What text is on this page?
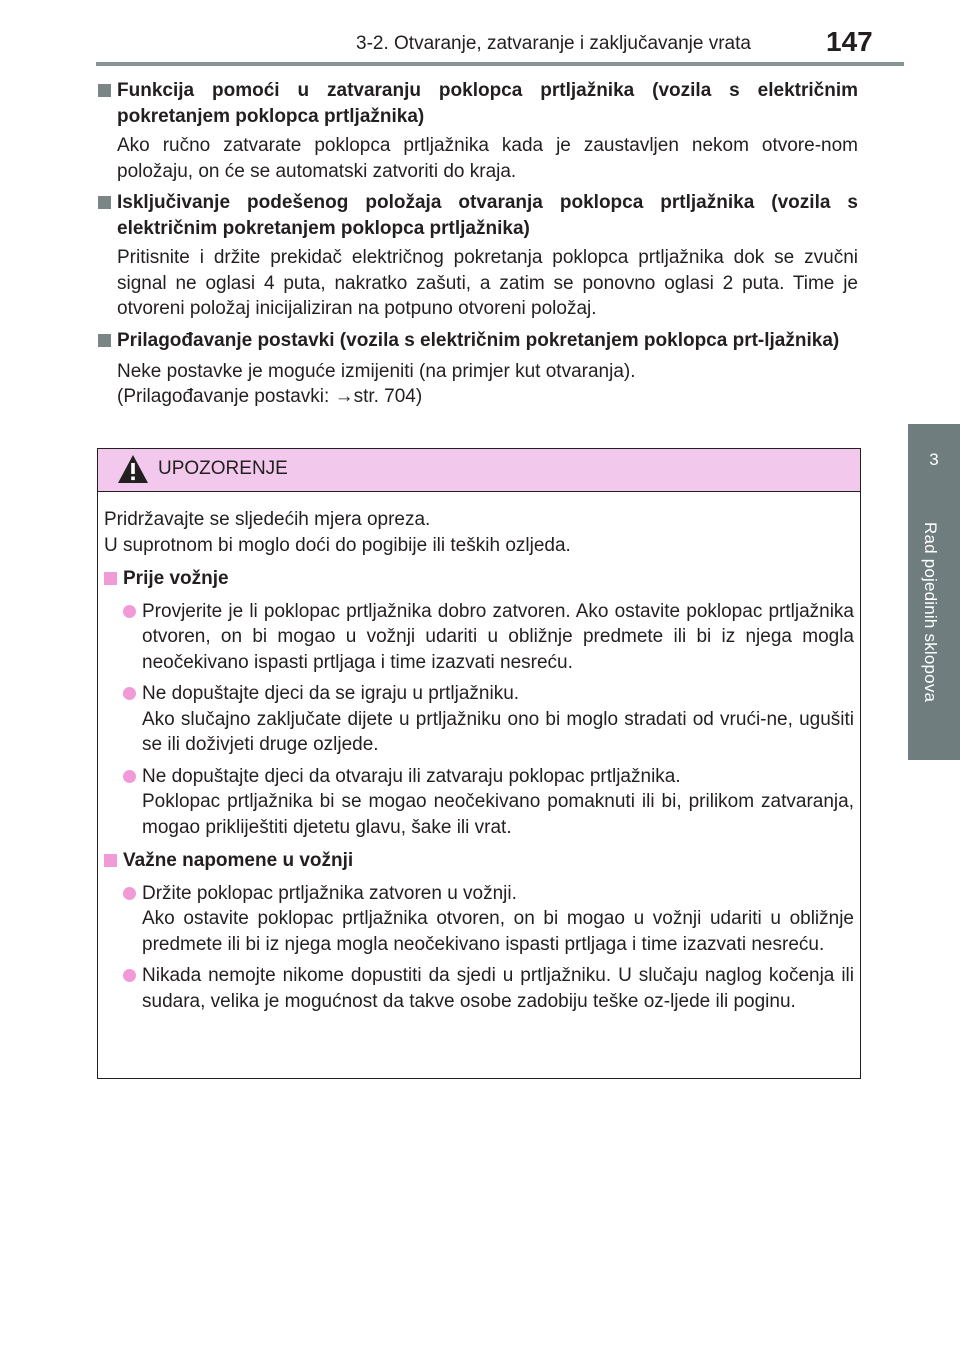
3-2. Otvaranje, zatvaranje i zaključavanje vrata	147
3
Rad pojedinih sklopova
Funkcija pomoći u zatvaranju poklopca prtljažnika (vozila s električnim pokretanjem poklopca prtljažnika)
Ako ručno zatvarate poklopca prtljažnika kada je zaustavljen nekom otvore-nom položaju, on će se automatski zatvoriti do kraja.
Isključivanje podešenog položaja otvaranja poklopca prtljažnika (vozila s električnim pokretanjem poklopca prtljažnika)
Pritisnite i držite prekidač električnog pokretanja poklopca prtljažnika dok se zvučni signal ne oglasi 4 puta, nakratko zašuti, a zatim se ponovno oglasi 2 puta. Time je otvoreni položaj inicijaliziran na potpuno otvoreni položaj.
Prilagođavanje postavki (vozila s električnim pokretanjem poklopca prt-ljažnika)
Neke postavke je moguće izmijeniti (na primjer kut otvaranja).
(Prilagođavanje postavki: →str. 704)
UPOZORENJE
Pridržavajte se sljedećih mjera opreza.
U suprotnom bi moglo doći do pogibije ili teških ozljeda.
Prije vožnje
Provjerite je li poklopac prtljažnika dobro zatvoren. Ako ostavite poklopac prtljažnika otvoren, on bi mogao u vožnji udariti u obližnje predmete ili bi iz njega mogla neočekivano ispasti prtljaga i time izazvati nesreću.
Ne dopuštajte djeci da se igraju u prtljažniku.
Ako slučajno zaključate dijete u prtljažniku ono bi moglo stradati od vrući-ne, ugušiti se ili doživjeti druge ozljede.
Ne dopuštajte djeci da otvaraju ili zatvaraju poklopac prtljažnika.
Poklopac prtljažnika bi se mogao neočekivano pomaknuti ili bi, prilikom zatvaranja, mogao prikliještiti djetetu glavu, šake ili vrat.
Važne napomene u vožnji
Držite poklopac prtljažnika zatvoren u vožnji.
Ako ostavite poklopac prtljažnika otvoren, on bi mogao u vožnji udariti u obližnje predmete ili bi iz njega mogla neočekivano ispasti prtljaga i time izazvati nesreću.
Nikada nemojte nikome dopustiti da sjedi u prtljažniku. U slučaju naglog kočenja ili sudara, velika je mogućnost da takve osobe zadobiju teške oz-ljede ili poginu.
